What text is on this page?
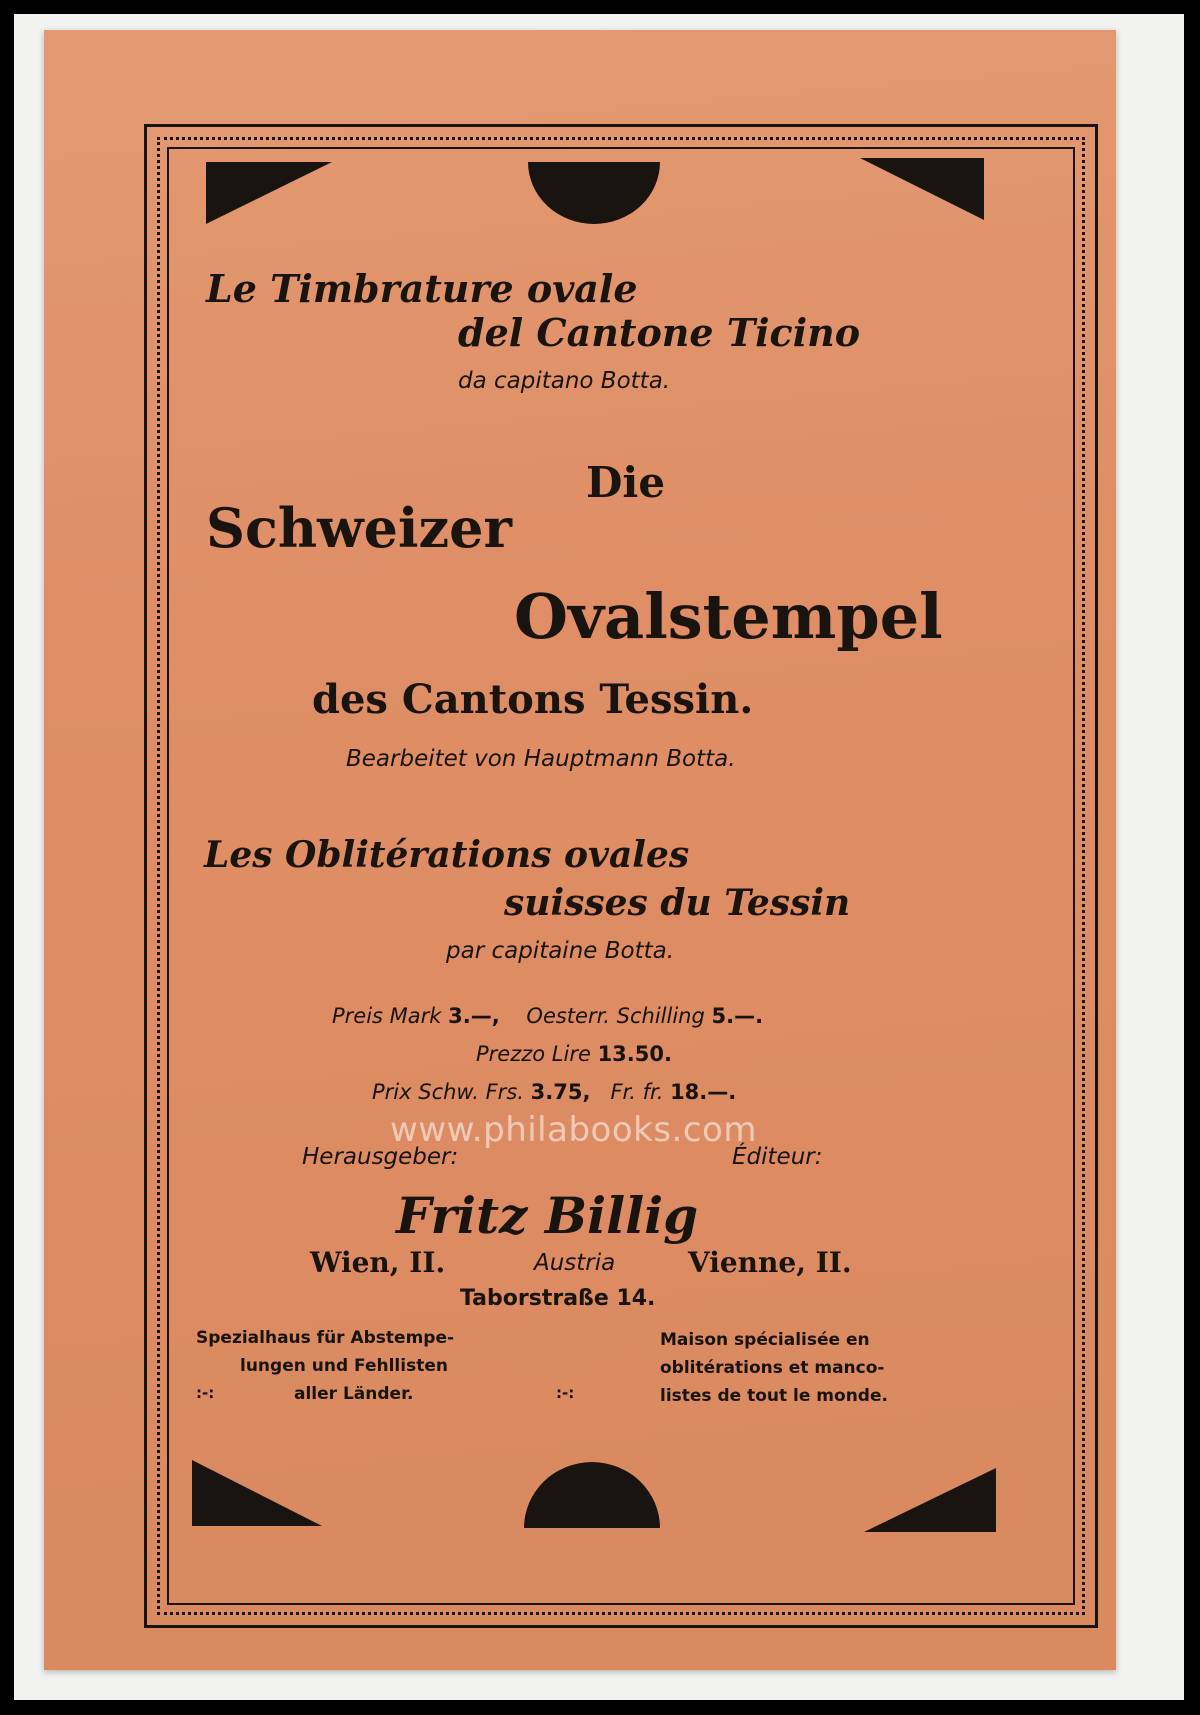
Le Timbrature ovale
del Cantone Ticino
da capitano Botta.
Die
Schweizer
Ovalstempel
des Cantons Tessin.
Bearbeitet von Hauptmann Botta.
Les Oblitérations ovales
suisses du Tessin
par capitaine Botta.
Preis Mark 3.—, Oesterr. Schilling 5.—.
Prezzo Lire 13.50.
Prix Schw. Frs. 3.75, Fr. fr. 18.—.
Herausgeber:	Éditeur:
Fritz Billig
Wien, II.	Austria	Vienne, II.
Taborstraße 14.
Spezialhaus für Abstempe-
lungen und Fehllisten
:-:	aller Länder.	:-:
Maison spécialisée en
oblitérations et manco-
listes de tout le monde.
www.philabooks.com
